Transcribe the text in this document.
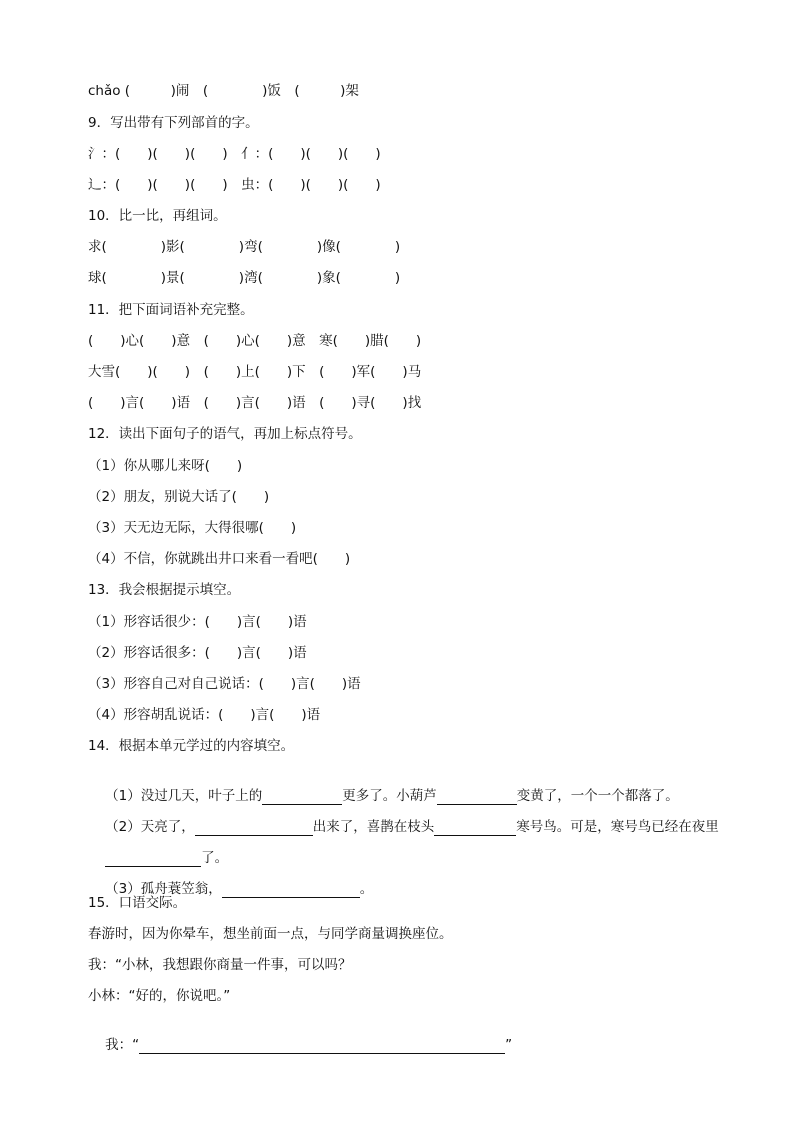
chǎo (　　　)闹　(　　　　)饭　(　　　)架
9．写出带有下列部首的字。
氵：(　　)(　　)(　　)　亻：(　　)(　　)(　　)
辶：(　　)(　　)(　　)　虫：(　　)(　　)(　　)
10．比一比，再组词。
求(　　　　)影(　　　　)弯(　　　　)像(　　　　)
球(　　　　)景(　　　　)湾(　　　　)象(　　　　)
11．把下面词语补充完整。
(　　)心(　　)意　(　　)心(　　)意　寒(　　)腊(　　)
大雪(　　)(　　)　(　　)上(　　)下　(　　)军(　　)马
(　　)言(　　)语　(　　)言(　　)语　(　　)寻(　　)找
12．读出下面句子的语气，再加上标点符号。
（1）你从哪儿来呀(　　)
（2）朋友，别说大话了(　　)
（3）天无边无际，大得很哪(　　)
（4）不信，你就跳出井口来看一看吧(　　)
13．我会根据提示填空。
（1）形容话很少：(　　)言(　　)语
（2）形容话很多：(　　)言(　　)语
（3）形容自己对自己说话：(　　)言(　　)语
（4）形容胡乱说话：(　　)言(　　)语
14．根据本单元学过的内容填空。

（1）没过几天，叶子上的	更多了。小葫芦	变黄了，一个一个都落了。

（2）天亮了，	出来了，喜鹊在枝头	寒号鸟。可是，寒号鸟已经在夜里

了。

（3）孤舟蓑笠翁，	。

15．口语交际。
春游时，因为你晕车，想坐前面一点，与同学商量调换座位。
我：“小林，我想跟你商量一件事，可以吗？
小林：“好的，你说吧。”

我：“	”
